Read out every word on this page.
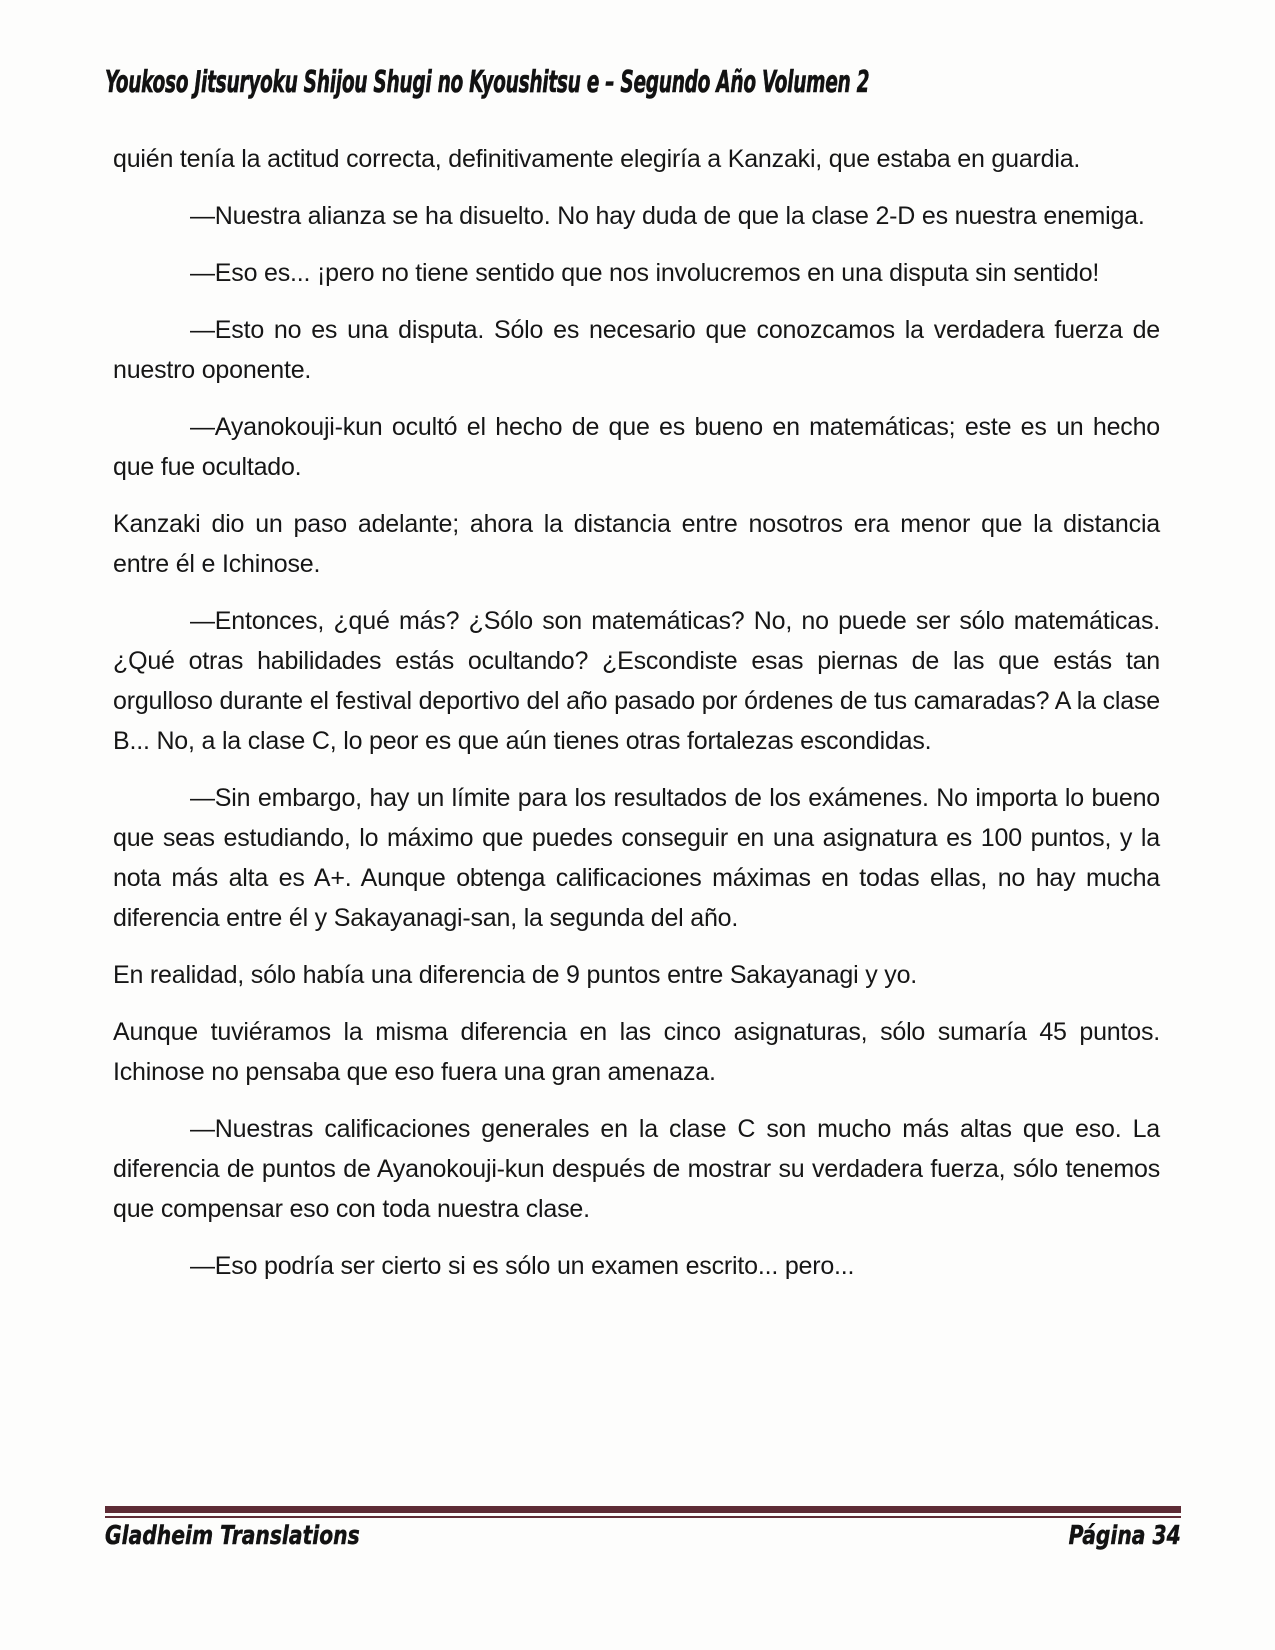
Youkoso Jitsuryoku Shijou Shugi no Kyoushitsu e – Segundo Año Volumen 2

quién tenía la actitud correcta, definitivamente elegiría a Kanzaki, que estaba en guardia.

—Nuestra alianza se ha disuelto. No hay duda de que la clase 2-D es nuestra enemiga.

—Eso es... ¡pero no tiene sentido que nos involucremos en una disputa sin sentido!

—Esto no es una disputa. Sólo es necesario que conozcamos la verdadera fuerza de nuestro oponente.

—Ayanokouji-kun ocultó el hecho de que es bueno en matemáticas; este es un hecho que fue ocultado.

Kanzaki dio un paso adelante; ahora la distancia entre nosotros era menor que la distancia entre él e Ichinose.

—Entonces, ¿qué más? ¿Sólo son matemáticas? No, no puede ser sólo matemáticas. ¿Qué otras habilidades estás ocultando? ¿Escondiste esas piernas de las que estás tan orgulloso durante el festival deportivo del año pasado por órdenes de tus camaradas? A la clase B... No, a la clase C, lo peor es que aún tienes otras fortalezas escondidas.

—Sin embargo, hay un límite para los resultados de los exámenes. No importa lo bueno que seas estudiando, lo máximo que puedes conseguir en una asignatura es 100 puntos, y la nota más alta es A+. Aunque obtenga calificaciones máximas en todas ellas, no hay mucha diferencia entre él y Sakayanagi-san, la segunda del año.

En realidad, sólo había una diferencia de 9 puntos entre Sakayanagi y yo.

Aunque tuviéramos la misma diferencia en las cinco asignaturas, sólo sumaría 45 puntos. Ichinose no pensaba que eso fuera una gran amenaza.

—Nuestras calificaciones generales en la clase C son mucho más altas que eso. La diferencia de puntos de Ayanokouji-kun después de mostrar su verdadera fuerza, sólo tenemos que compensar eso con toda nuestra clase.

—Eso podría ser cierto si es sólo un examen escrito... pero...

Gladheim Translations	Página 34
